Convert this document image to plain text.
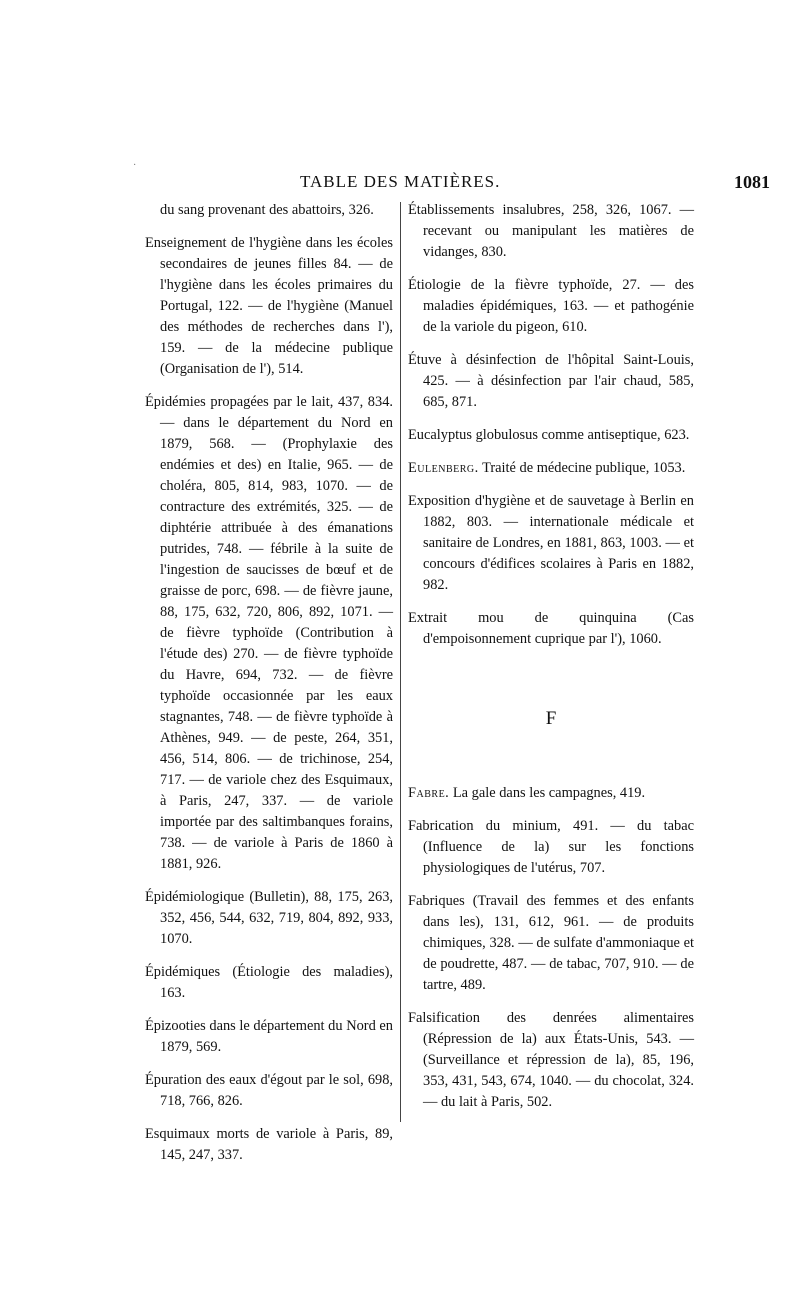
·
TABLE DES MATIÈRES.	1081

du sang provenant des abattoirs, 326.

Enseignement de l'hygiène dans les écoles secondaires de jeunes filles 84. — de l'hygiène dans les écoles primaires du Portugal, 122. — de l'hygiène (Manuel des méthodes de recherches dans l'), 159. — de la médecine publique (Organisation de l'), 514.

Épidémies propagées par le lait, 437, 834. — dans le département du Nord en 1879, 568. — (Prophylaxie des endémies et des) en Italie, 965. — de choléra, 805, 814, 983, 1070. — de contracture des extrémités, 325. — de diphtérie attribuée à des émanations putrides, 748. — fébrile à la suite de l'ingestion de saucisses de bœuf et de graisse de porc, 698. — de fièvre jaune, 88, 175, 632, 720, 806, 892, 1071. — de fièvre typhoïde (Contribution à l'étude des) 270. — de fièvre typhoïde du Havre, 694, 732. — de fièvre typhoïde occasionnée par les eaux stagnantes, 748. — de fièvre typhoïde à Athènes, 949. — de peste, 264, 351, 456, 514, 806. — de trichinose, 254, 717. — de variole chez des Esquimaux, à Paris, 247, 337. — de variole importée par des saltimbanques forains, 738. — de variole à Paris de 1860 à 1881, 926.

Épidémiologique (Bulletin), 88, 175, 263, 352, 456, 544, 632, 719, 804, 892, 933, 1070.

Épidémiques (Étiologie des maladies), 163.

Épizooties dans le département du Nord en 1879, 569.

Épuration des eaux d'égout par le sol, 698, 718, 766, 826.

Esquimaux morts de variole à Paris, 89, 145, 247, 337.

Établissements insalubres, 258, 326, 1067. — recevant ou manipulant les matières de vidanges, 830.

Étiologie de la fièvre typhoïde, 27. — des maladies épidémiques, 163. — et pathogénie de la variole du pigeon, 610.

Étuve à désinfection de l'hôpital Saint-Louis, 425. — à désinfection par l'air chaud, 585, 685, 871.

Eucalyptus globulosus comme antiseptique, 623.

Eulenberg. Traité de médecine publique, 1053.

Exposition d'hygiène et de sauvetage à Berlin en 1882, 803. — internationale médicale et sanitaire de Londres, en 1881, 863, 1003. — et concours d'édifices scolaires à Paris en 1882, 982.

Extrait mou de quinquina (Cas d'empoisonnement cuprique par l'), 1060.

F

Fabre. La gale dans les campagnes, 419.

Fabrication du minium, 491. — du tabac (Influence de la) sur les fonctions physiologiques de l'utérus, 707.

Fabriques (Travail des femmes et des enfants dans les), 131, 612, 961. — de produits chimiques, 328. — de sulfate d'ammoniaque et de poudrette, 487. — de tabac, 707, 910. — de tartre, 489.

Falsification des denrées alimentaires (Répression de la) aux États-Unis, 543. — (Surveillance et répression de la), 85, 196, 353, 431, 543, 674, 1040. — du chocolat, 324. — du lait à Paris, 502.
